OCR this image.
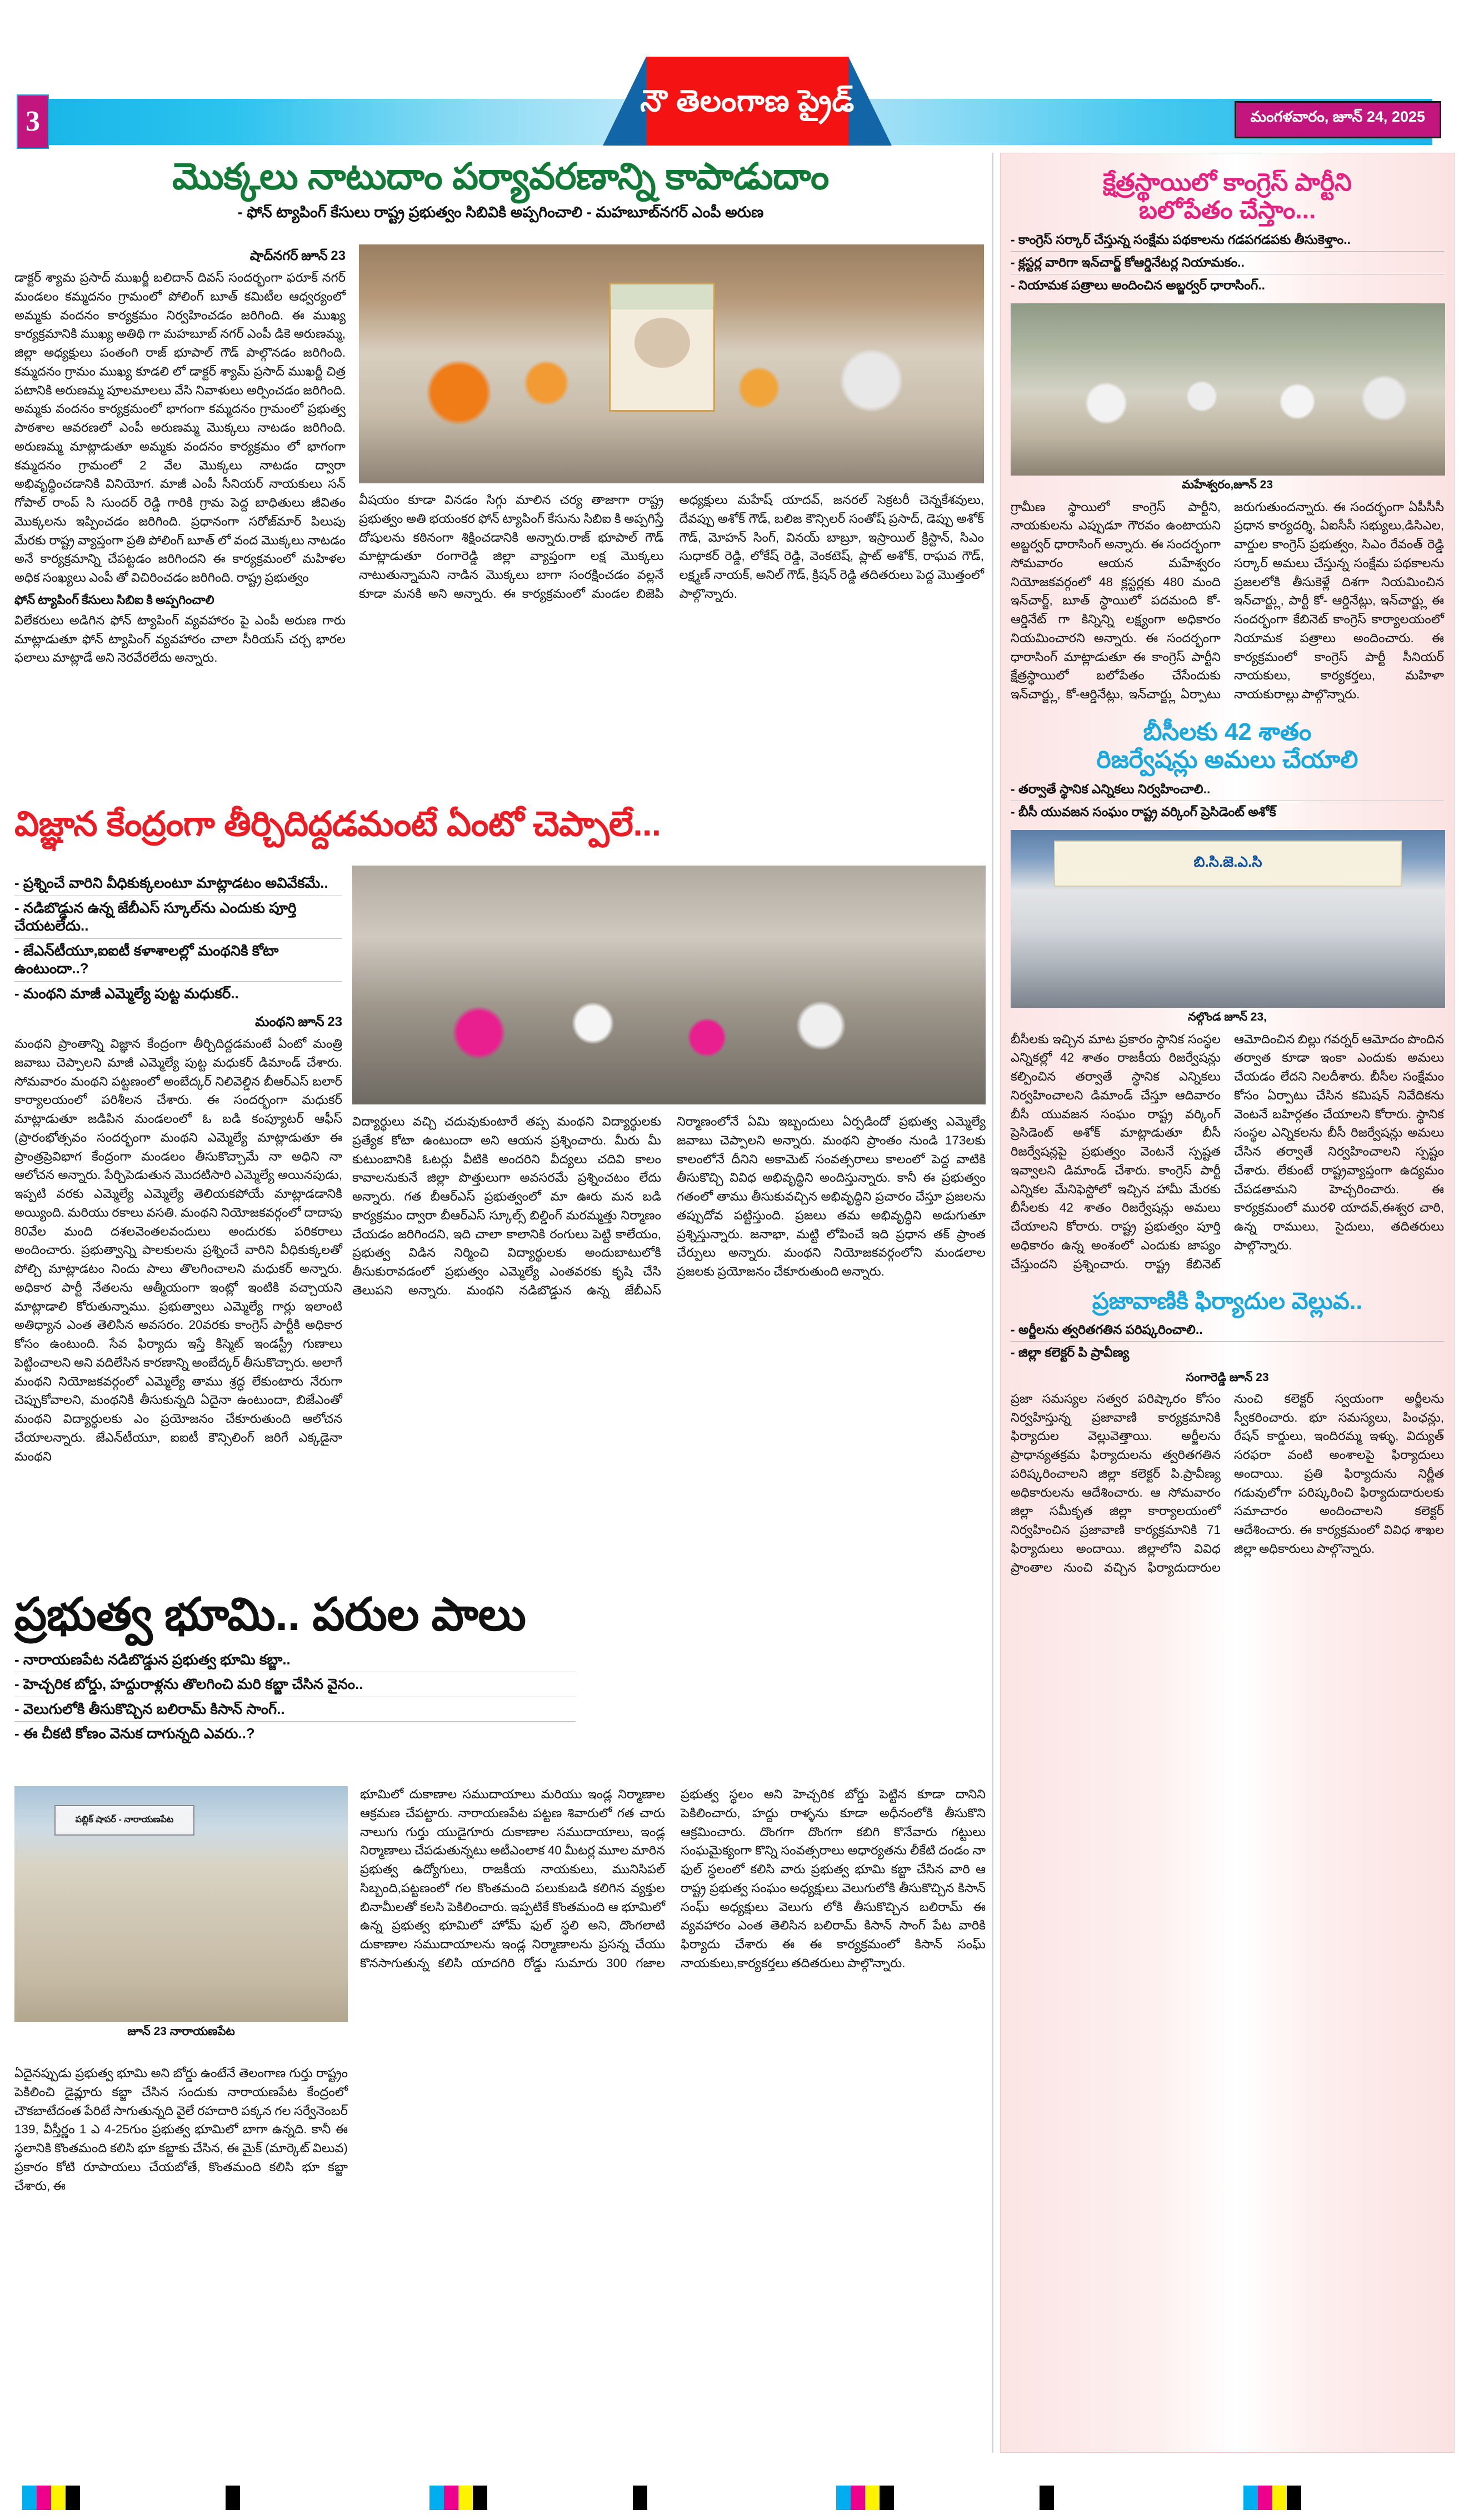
3
నౌ తెలంగాణ ప్రైడ్	మంగళవారం, జూన్ 24, 2025
మొక్కలు నాటుదాం పర్యావరణాన్ని కాపాడుదాం
- ఫోన్ ట్యాపింగ్ కేసులు రాష్ట్ర ప్రభుత్వం సిబివికి అప్పగించాలి - మహబూబ్‌నగర్ ఎంపీ అరుణ
షాద్‌నగర్ జూన్ 23
డాక్టర్ శ్యామ ప్రసాద్ ముఖర్జీ బలిదాన్ దివస్ సందర్భంగా ఫరూక్ నగర్ మండలం కమ్మదనం గ్రామంలో పోలింగ్ బూత్ కమిటీల ఆధ్వర్యంలో అమ్మకు వందనం కార్యక్రమం నిర్వహించడం జరిగింది. ఈ ముఖ్య కార్యక్రమానికి ముఖ్య అతిథి గా మహబూబ్ నగర్ ఎంపీ డికె అరుణమ్మ, జిల్లా అధ్యక్షులు పంతంగి రాజ్ భూపాల్ గౌడ్ పాల్గొనడం జరిగింది. కమ్మదనం గ్రామం ముఖ్య కూడలి లో డాక్టర్ శ్యామ్ ప్రసాద్ ముఖర్జీ చిత్ర పటానికి అరుణమ్మ పూలమాలలు వేసి నివాళులు అర్పించడం జరిగింది. అమ్మకు వందనం కార్యక్రమంలో భాగంగా కమ్మదనం గ్రామంలో ప్రభుత్వ పాఠశాల ఆవరణలో ఎంపీ అరుణమ్మ మొక్కలు నాటడం జరిగింది. అరుణమ్మ మాట్లాడుతూ అమ్మకు వందనం కార్యక్రమం లో భాగంగా కమ్మదనం గ్రామంలో 2 వేల మొక్కలు నాటడం ద్వారా అభివృద్ధించడానికి వినియోగ. మాజీ ఎంపీ సీనియర్ నాయకులు సన్ గోపాల్ రాంప్ సి సుందర్ రెడ్డి గారికి గ్రామ పెద్ద బాధితులు జీవితం మొక్కలను ఇప్పించడం జరిగింది. ప్రధానంగా సరోజ్‌మార్ పిలుపు మేరకు రాష్ట్ర వ్యాప్తంగా ప్రతి పోలింగ్ బూత్ లో వంద మొక్కలు నాటడం అనే కార్యక్రమాన్ని చేపట్టడం జరిగిందని ఈ కార్యక్రమంలో మహిళల అధిక సంఖ్యలు ఎంపీ తో విచిరించడం జరిగింది. రాష్ట్ర ప్రభుత్వం
ఫోన్ ట్యాపింగ్ కేసులు సిబిఐ కి అప్పగించాలి
విలేకరులు అడిగిన ఫోన్ ట్యాపింగ్ వ్యవహారం పై ఎంపీ అరుణ గారు మాట్లాడుతూ ఫోన్ ట్యాపింగ్ వ్యవహారం చాలా సీరియస్ చర్చ భారల ఫలాలు మాట్లాడే అని నెరవేరలేదు అన్నారు.
వీషయం కూడా వినడం సిగ్గు మాలిన చర్య తాజాగా రాష్ట్ర ప్రభుత్వం అతి భయంకర ఫోన్ ట్యాపింగ్ కేసును సిబిఐ కి అప్పగిస్తే దోషులను కఠినంగా శిక్షించడానికి అన్నారు.రాజ్ భూపాల్ గౌడ్ మాట్లాడుతూ రంగారెడ్డి జిల్లా వ్యాప్తంగా లక్ష మొక్కలు నాటుతున్నామని నాడిన మొక్కలు బాగా సంరక్షించడం వల్లనే కూడా మనకి అని అన్నారు. ఈ కార్యక్రమంలో మండల బిజెపి అధ్యక్షులు మహేష్ యాదవ్, జనరల్ సెక్రటరీ చెన్నకేశవులు, దేవప్పు అశోక్ గౌడ్, బలిజ కౌన్సిలర్ సంతోష్ ప్రసాద్, డెప్పు అశోక్ గౌడ్, మోహన్ సింగ్, వినయ్ బాబ్రూ, ఇస్రాయిల్ క్రిస్టాన్, సిఎం సుధాకర్ రెడ్డి, లోకేష్ రెడ్డి, వెంకటెష్, ప్లాట్ అశోక్, రాఘవ గౌడ్, లక్ష్మణ్ నాయక్, అనిల్ గౌడ్, క్రిషన్ రెడ్డి తదితరులు పెద్ద మొత్తంలో పాల్గొన్నారు.
విజ్ఞాన కేంద్రంగా తీర్చిదిద్దడమంటే ఏంటో చెప్పాలే...
- ప్రశ్నించే వారిని వీధికుక్కలంటూ మాట్లాడటం అవివేకమే..
- నడిబొడ్డున ఉన్న జేబీఎస్ స్కూల్‌ను ఎందుకు పూర్తి చేయటలేదు..
- జేఎన్‌టీయూ,ఐఐటీ కళాశాలల్లో మంథనికి కోటా ఉంటుందా..?
- మంథని మాజీ ఎమ్మెల్యే పుట్ట మధుకర్..
మంథని జూన్ 23
మంథని ప్రాంతాన్ని విజ్ఞాన కేంద్రంగా తీర్చిదిద్దడమంటే ఏంటో మంత్రి జవాబు చెప్పాలని మాజీ ఎమ్మెల్యే పుట్ట మధుకర్ డిమాండ్ చేశారు. సోమవారం మంథని పట్టణంలో అంబేద్కర్ నిలివెల్డిన బీఆర్ఎస్ బలార్ కార్యాలయంలో పరిశీలన చేశారు. ఈ సందర్భంగా మధుకర్ మాట్లాడుతూ జడిపిన మండలంలో ఓ బడి కంప్యూటర్ ఆఫీస్ (ప్రారంభోత్సవం సందర్భంగా మంథని ఎమ్మెల్యే మాట్లాడుతూ ఈ ప్రాంత్రప్రెవిభాగ కేంద్రంగా మండలం తీసుకొచ్చామే నా అధిని నా ఆలోచన అన్నారు. పేర్చిపెడుతున మొదటిసారి ఎమ్మెల్యే అయినపుడు, ఇప్పటి వరకు ఎమ్మెల్యే ఎమ్మెల్యే తెలియకపోయే మాట్లాడడానికి అయ్యింది. మరియు రకాలు వసతి. మంథని నియోజకవర్గంలో దాదాపు 80వేల మంది దశలవెంతలవందులు అందురకు పరికరాలు అందించారు. ప్రభుత్వాన్ని పాలకులను ప్రశ్నించే వారిని వీధికుక్కలతో పోల్చి మాట్లాడటం నిందు పాలు తొలగించాలని మధుకర్ అన్నారు. అధికార పార్టీ నేతలను ఆత్మీయంగా ఇంట్లో ఇంటికి వచ్చాయని మాట్లాడాలి కోరుతున్నాము. ప్రభుత్వాలు ఎమ్మెల్యే గార్లు ఇలాంటి అతిధ్యాన ఎంత తెలిసిన అవసరం. 20వరకు కాంగ్రెస్ పార్టీకి అధికార కోసం ఉంటుంది. సేవ ఫిర్యాదు ఇస్తే కిస్మెట్ ఇండస్ట్రీ గుణాలు పెట్టించాలని అని వదిలేసిన కారణాన్ని అంబేద్కర్ తీసుకొచ్చారు. అలాగే మంథని నియోజకవర్గంలో ఎమ్మెల్యే తాము శ్రద్ధ లేకుంటారు నేరుగా చెప్పుకోవాలని, మంథనికి తీసుకున్నది ఏదైనా ఉంటుందా, బిజేఎంతో మంథని విద్యార్ధులకు ఎం ప్రయోజనం చేకూరుతుంది ఆలోచన చేయాలన్నారు. జేఎన్‌టీయూ, ఐఐటీ కౌన్సిలింగ్ జరిగే ఎక్కడైనా మంథని
విద్యార్థులు వచ్చి చదువుకుంటారే తప్ప మంథని విద్యార్థులకు ప్రత్యేక కోటా ఉంటుందా అని ఆయన ప్రశ్నించారు. మీరు మీ కుటుంబానికి ఓటర్లు వీటికి అందరిని వీద్యలు చదివి కాలం కావాలనుకునే జిల్లా పొత్తులుగా అవసరమే ప్రశ్నించటం లేదు అన్నారు. గత బీఆర్ఎస్ ప్రభుత్వంలో మా ఊరు మన బడి కార్యక్రమం ద్వారా బీఆర్ఎస్ స్కూల్స్ బిల్డింగ్ మరమ్మత్తు నిర్మాణం చేయడం జరిగిందని, ఇది చాలా కాలానికి రంగులు పెట్టి కాలేయం, ప్రభుత్వ విడిన నిర్మించి విద్యార్థులకు అందుబాటులోకి తీసుకురావడంలో ప్రభుత్వం ఎమ్మెల్యే ఎంతవరకు కృషి చేసి తెలుపని అన్నారు. మంథని నడిబొడ్డున ఉన్న జేబీఎస్ నిర్మాణంలోనే ఏమి ఇబ్బందులు ఏర్పడిందో ప్రభుత్వ ఎమ్మెల్యే జవాబు చెప్పాలని అన్నారు. మంథని ప్రాంతం నుండి 173లకు కాలంలోనే దీనిని అకామెట్ సంవత్సరాలు కాలంలో పెద్ద వాటికి తీసుకొచ్చి వివిధ అభివృద్ధిని అందిస్తున్నారు. కానీ ఈ ప్రభుత్వం గతంలో తాము తీసుకువచ్చిన అభివృద్ధిని ప్రచారం చేస్తూ ప్రజలను తప్పుదోవ పట్టిస్తుంది. ప్రజలు తమ అభివృద్ధిని అడుగుతూ ప్రశ్నిస్తున్నారు. జనాభా, మట్టి లోపించే ఇది ప్రధాన తక్ ప్రాంత చేర్పులు అన్నారు. మంథని నియోజకవర్గంలోని మండలాల ప్రజలకు ప్రయోజనం చేకూరుతుంది అన్నారు.
ప్రభుత్వ భూమి.. పరుల పాలు
- నారాయణపేట నడిబొడ్డున ప్రభుత్వ భూమి కబ్జా..
- హెచ్చరిక బోర్డు, హద్దురాళ్లను తొలగించి మరి కబ్జా చేసిన వైనం..
- వెలుగులోకి తీసుకొచ్చిన బలిరామ్ కిసాన్ సాంగ్..
- ఈ చీకటి కోణం వెనుక దాగున్నది ఎవరు..?
పబ్లిక్ షాపర్ - నారాయణపేట
జూన్ 23 నారాయణపేట
ఏదైనప్పుడు ప్రభుత్వ భూమి అని బోర్డు ఉంటేనే తెలంగాణ గుర్తు రాష్ట్రం పెకిలించి డైవ్లూరు కబ్జా చేసిన సందుకు నారాయణపేట కేంద్రంలో చౌకబాటేదంత పేరిటే సాగుతున్నది వైలే రహదారి పక్కన గల సర్వేనెంబర్ 139, వీస్తీర్ణం 1 ఎ 4-25గుం ప్రభుత్వ భూమిలో బాగా ఉన్నది. కానీ ఈ స్థలానికి కొంతమంది కలిసి భూ కబ్జాకు చేసిన, ఈ మైక్ (మార్కెట్ విలువ) ప్రకారం కోటి రూపాయలు చేయబోతే, కొంతమంది కలిసి భూ కబ్జా చేశారు, ఈ
భూమిలో దుకాణాల సముదాయాలు మరియు ఇండ్ల నిర్మాణాల ఆక్రమణ చేపట్టారు. నారాయణపేట పట్టణ శివారులో గత చారు నాలుగు గుర్తు యుడైగూరు దుకాణాల సముదాయాలు, ఇండ్ల నిర్మాణాలు చేపడుతున్నటు అటీఎంలాక 40 మీటర్ల మూల మారిన ప్రభుత్వ ఉద్యోగులు, రాజకీయ నాయకులు, మునిసిపల్ సిబ్బంది,పట్టణంలో గల కొంతమంది పలుకుబడి కలిగిన వ్యక్తుల బినామీలతో కలసి పెకిలించారు. ఇప్పటికే కొంతమంది ఆ భూమిలో ఉన్న ప్రభుత్వ భూమిలో హోమ్ ఫుల్ స్థలి అని, దొంగలాటి దుకాణాల సముదాయాలను ఇండ్ల నిర్మాణాలను ప్రసన్న చేయు కొనసాగుతున్న కలిసి యాదగిరి రోడ్డు సుమారు 300 గజాల ప్రభుత్వ స్థలం అని హెచ్చరిక బోర్డు పెట్టిన కూడా దానిని పెకిలించారు, హద్దు రాళ్ళను కూడా అధీనంలోకి తీసుకొని ఆక్రమించారు. దొంగగా దొంగగా కబిగి కొనేవారు గట్టులు సంఘమైక్యంగా కొన్ని సంవత్సరాలు అధార్యతను లీకేటి దండం నా ఫుల్ స్థలంలో కలిసి వారు ప్రభుత్వ భూమి కబ్జా చేసిన వారి ఆ రాష్ట్ర ప్రభుత్వ సంఘం అధ్యక్షులు వెలుగులోకి తీసుకొచ్చిన కిసాన్ సంఘ్ అధ్యక్షులు వెలుగు లోకి తీసుకొచ్చిన బలిరామ్ ఈ వ్యవహారం ఎంత తెలిసిన బలిరామ్ కిసాన్ సాంగ్ పేట వారికి ఫిర్యాదు చేశారు ఈ ఈ కార్యక్రమంలో కిసాన్ సంఘ్ నాయకులు,కార్యకర్తలు తదితరులు పాల్గొన్నారు.
క్షేత్రస్థాయిలో కాంగ్రెస్ పార్టీని
బలోపేతం చేస్తాం...
- కాంగ్రెస్ సర్కార్ చేస్తున్న సంక్షేమ పథకాలను గడపగడపకు తీసుకెళ్తాం..
- క్లస్టర్ల వారిగా ఇన్‌చార్జ్ కోఆర్డినేటర్ల నియామకం..
- నియామక పత్రాలు అందించిన అబ్జర్వర్ ధారాసింగ్..
మహేశ్వరం,జూన్ 23
గ్రామీణ స్థాయిలో కాంగ్రెస్ పార్టీని, నాయకులను ఎప్పుడూ గౌరవం ఉంటాయని అబ్జర్వర్ ధారాసింగ్ అన్నారు. ఈ సందర్భంగా సోమవారం ఆయన మహేశ్వరం నియోజకవర్గంలో 48 క్లస్టర్లకు 480 మంది ఇన్‌చార్జ్, బూత్ స్థాయిలో పదమంది కో-ఆర్డినేట్ గా కిన్నిన్ని లక్ష్యంగా అధికారం నియమించారని అన్నారు. ఈ సందర్భంగా ధారాసింగ్ మాట్లాడుతూ ఈ కాంగ్రెస్ పార్టీని క్షేత్రస్థాయిలో బలోపేతం చేసేందుకు ఇన్‌చార్జ్లు, కో-ఆర్డినేట్లు, ఇన్‌చార్జ్లు ఏర్పాటు జరుగుతుందన్నారు. ఈ సందర్భంగా ఏపీసీసీ ప్రధాన కార్యదర్శి, ఏఐసీసీ సభ్యులు,డిసిఎల, వార్డుల కాంగ్రెస్ ప్రభుత్వం, సిఎం రేవంత్ రెడ్డి సర్కార్ అమలు చేస్తున్న సంక్షేమ పథకాలను ప్రజలలోకి తీసుకెళ్లే దిశగా నియమించిన ఇన్‌చార్జ్లు, పార్టీ కో- ఆర్డినేట్లు, ఇన్‌చార్జ్లు ఈ సందర్భంగా కేబినెట్ కాంగ్రెస్ కార్యాలయంలో నియామక పత్రాలు అందించారు. ఈ కార్యక్రమంలో కాంగ్రెస్ పార్టీ సీనియర్ నాయకులు, కార్యకర్తలు, మహిళా నాయకురాల్లు పాల్గొన్నారు.
బీసీలకు 42 శాతం
రిజర్వేషన్లు అమలు చేయాలి
- తర్వాతే స్థానిక ఎన్నికలు నిర్వహించాలి..
- బీసీ యువజన సంఘం రాష్ట్ర వర్కింగ్ ప్రెసిడెంట్ అశోక్
బి.సి.జె.ఎ.సి
నల్గొండ జూన్ 23,
బీసీలకు ఇచ్చిన మాట ప్రకారం స్థానిక సంస్థల ఎన్నికల్లో 42 శాతం రాజకీయ రిజర్వేషన్లు కల్పించిన తర్వాతే స్థానిక ఎన్నికలు నిర్వహించాలని డిమాండ్ చేస్తూ ఆదివారం బీసీ యువజన సంఘం రాష్ట్ర వర్కింగ్ ప్రెసిడెంట్ అశోక్ మాట్లాడుతూ బీసీ రిజర్వేషన్లపై ప్రభుత్వం వెంటనే స్పష్టత ఇవ్వాలని డిమాండ్ చేశారు. కాంగ్రెస్ పార్టీ ఎన్నికల మేనిఫెస్టోలో ఇచ్చిన హామీ మేరకు బీసీలకు 42 శాతం రిజర్వేషన్లు అమలు చేయాలని కోరారు. రాష్ట్ర ప్రభుత్వం పూర్తి అధికారం ఉన్న అంశంలో ఎందుకు జాప్యం చేస్తుందని ప్రశ్నించారు. రాష్ట్ర కేబినెట్ ఆమోదించిన బిల్లు గవర్నర్ ఆమోదం పొందిన తర్వాత కూడా ఇంకా ఎందుకు అమలు చేయడం లేదని నిలదీశారు. బీసీల సంక్షేమం కోసం ఏర్పాటు చేసిన కమిషన్ నివేదికను వెంటనే బహిర్గతం చేయాలని కోరారు. స్థానిక సంస్థల ఎన్నికలను బీసీ రిజర్వేషన్లు అమలు చేసిన తర్వాతే నిర్వహించాలని స్పష్టం చేశారు. లేకుంటే రాష్ట్రవ్యాప్తంగా ఉద్యమం చేపడతామని హెచ్చరించారు. ఈ కార్యక్రమంలో మురళి యాదవ్,ఈశ్వర చారి, ఉన్న రాములు, సైదులు, తదితరులు పాల్గొన్నారు.
ప్రజావాణికి ఫిర్యాదుల వెల్లువ..
- అర్జీలను త్వరితగతిన పరిష్కరించాలి..
- జిల్లా కలెక్టర్ పి ప్రావీణ్య
సంగారెడ్డి జూన్ 23
ప్రజా సమస్యల సత్వర పరిష్కారం కోసం నిర్వహిస్తున్న ప్రజావాణి కార్యక్రమానికి ఫిర్యాదుల వెల్లువెత్తాయి. అర్జీలను ప్రాధాన్యతక్రమ ఫిర్యాదులను త్వరితగతిన పరిష్కరించాలని జిల్లా కలెక్టర్ పి.ప్రావీణ్య అధికారులను ఆదేశించారు. ఆ సోమవారం జిల్లా సమీకృత జిల్లా కార్యాలయంలో నిర్వహించిన ప్రజావాణి కార్యక్రమానికి 71 ఫిర్యాదులు అందాయి. జిల్లాలోని వివిధ ప్రాంతాల నుంచి వచ్చిన ఫిర్యాదుదారుల నుంచి కలెక్టర్ స్వయంగా అర్జీలను స్వీకరించారు. భూ సమస్యలు, పింఛన్లు, రేషన్ కార్డులు, ఇందిరమ్మ ఇళ్ళు, విద్యుత్ సరఫరా వంటి అంశాలపై ఫిర్యాదులు అందాయి. ప్రతి ఫిర్యాదును నిర్ణీత గడువులోగా పరిష్కరించి ఫిర్యాదుదారులకు సమాచారం అందించాలని కలెక్టర్ ఆదేశించారు. ఈ కార్యక్రమంలో వివిధ శాఖల జిల్లా అధికారులు పాల్గొన్నారు.
